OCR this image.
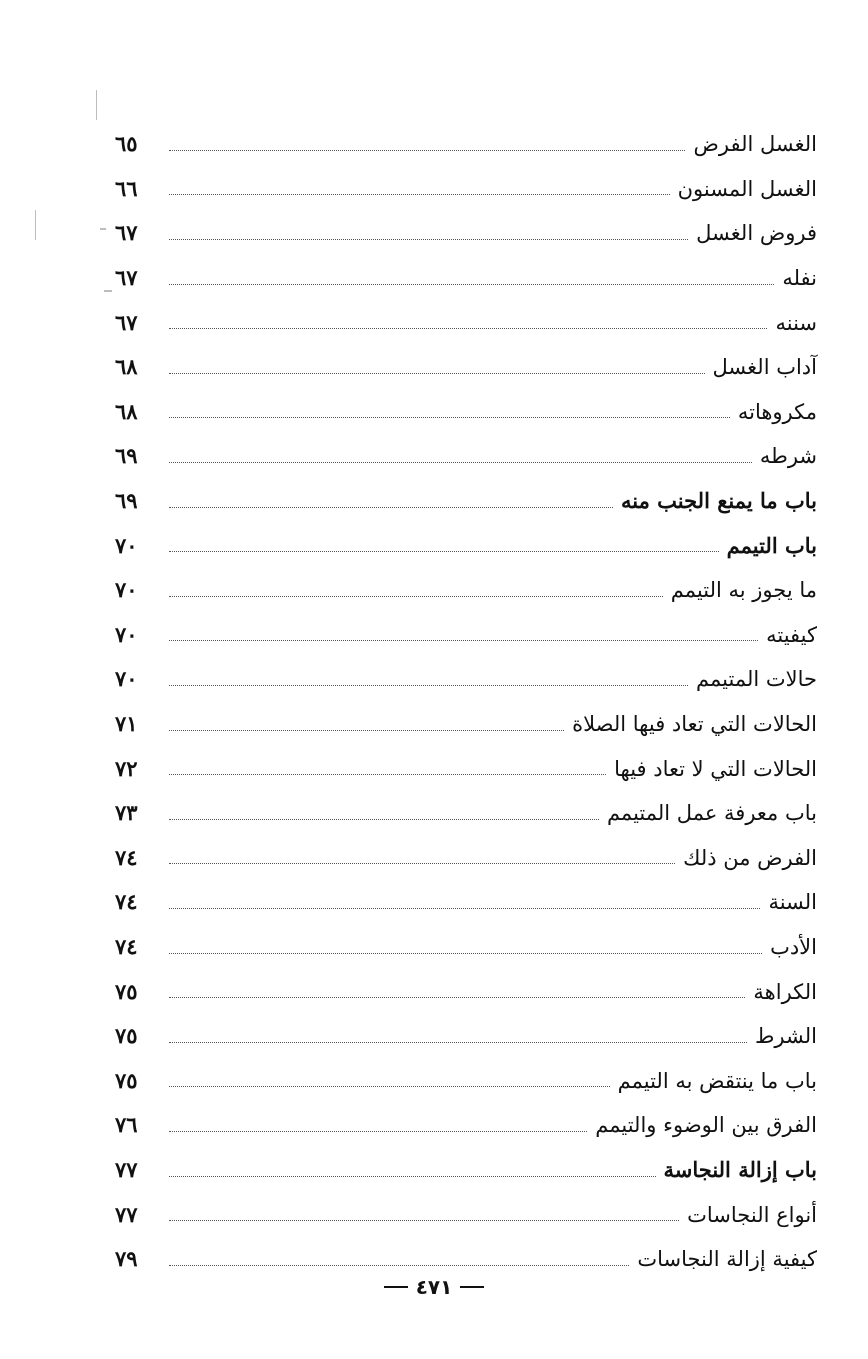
الغسل الفرض
٦٥
الغسل المسنون
٦٦
فروض الغسل
٦٧
نفله
٦٧
سننه
٦٧
آداب الغسل
٦٨
مكروهاته
٦٨
شرطه
٦٩
باب ما يمنع الجنب منه
٦٩
باب التيمم
٧٠
ما يجوز به التيمم
٧٠
كيفيته
٧٠
حالات المتيمم
٧٠
الحالات التي تعاد فيها الصلاة
٧١
الحالات التي لا تعاد فيها
٧٢
باب معرفة عمل المتيمم
٧٣
الفرض من ذلك
٧٤
السنة
٧٤
الأدب
٧٤
الكراهة
٧٥
الشرط
٧٥
باب ما ينتقض به التيمم
٧٥
الفرق بين الوضوء والتيمم
٧٦
باب إزالة النجاسة
٧٧
أنواع النجاسات
٧٧
كيفية إزالة النجاسات
٧٩
٤٧١
